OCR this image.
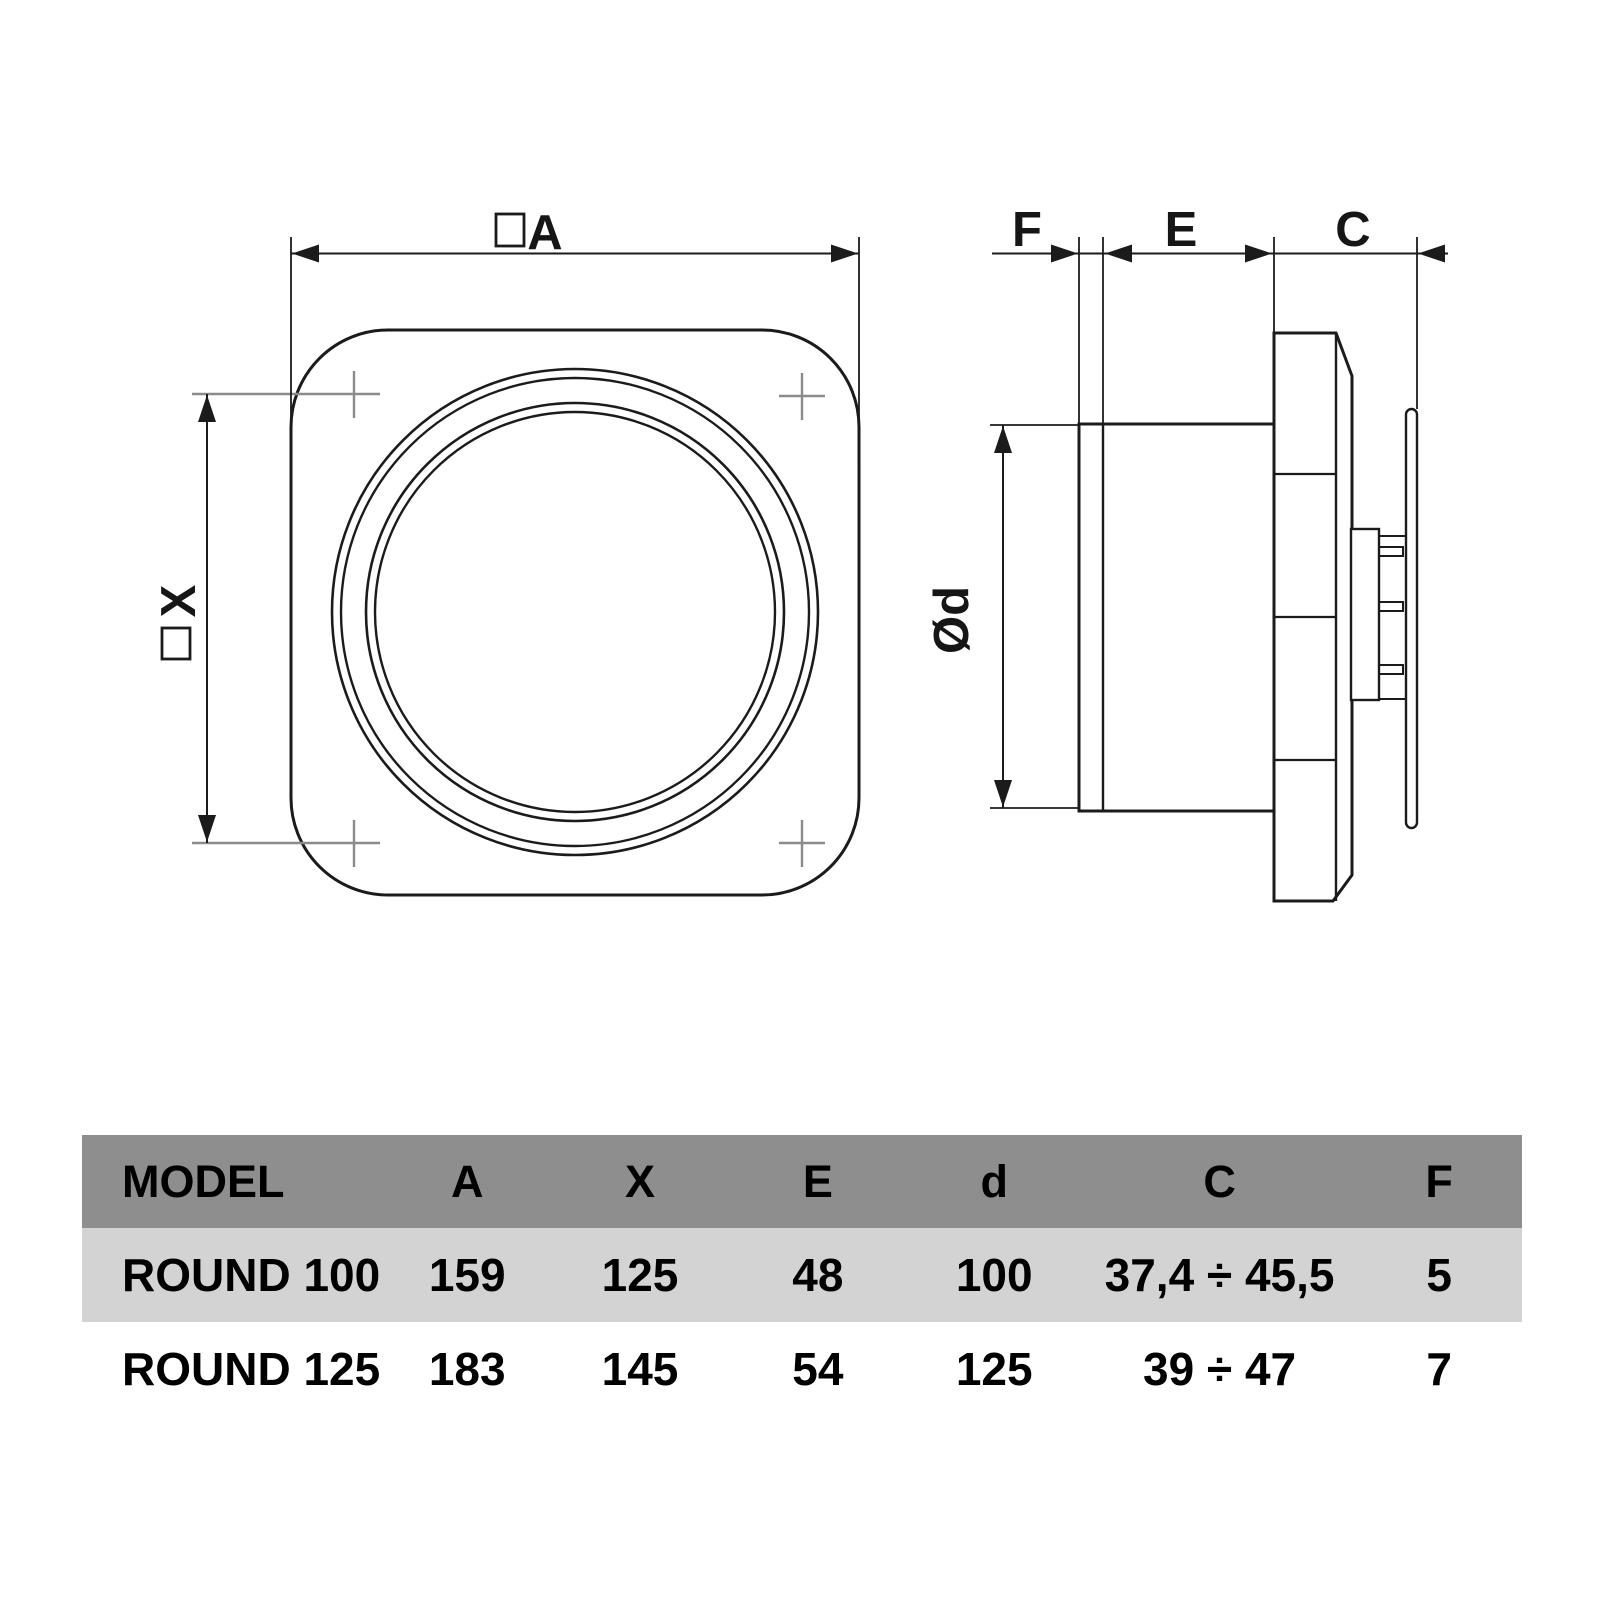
A
X	Ød
F	E	C
MODEL	A	X	E	d	C	F
ROUND 100	159	125	48	100	37,4 ÷ 45,5	5
ROUND 125	183	145	54	125	39 ÷ 47	7
